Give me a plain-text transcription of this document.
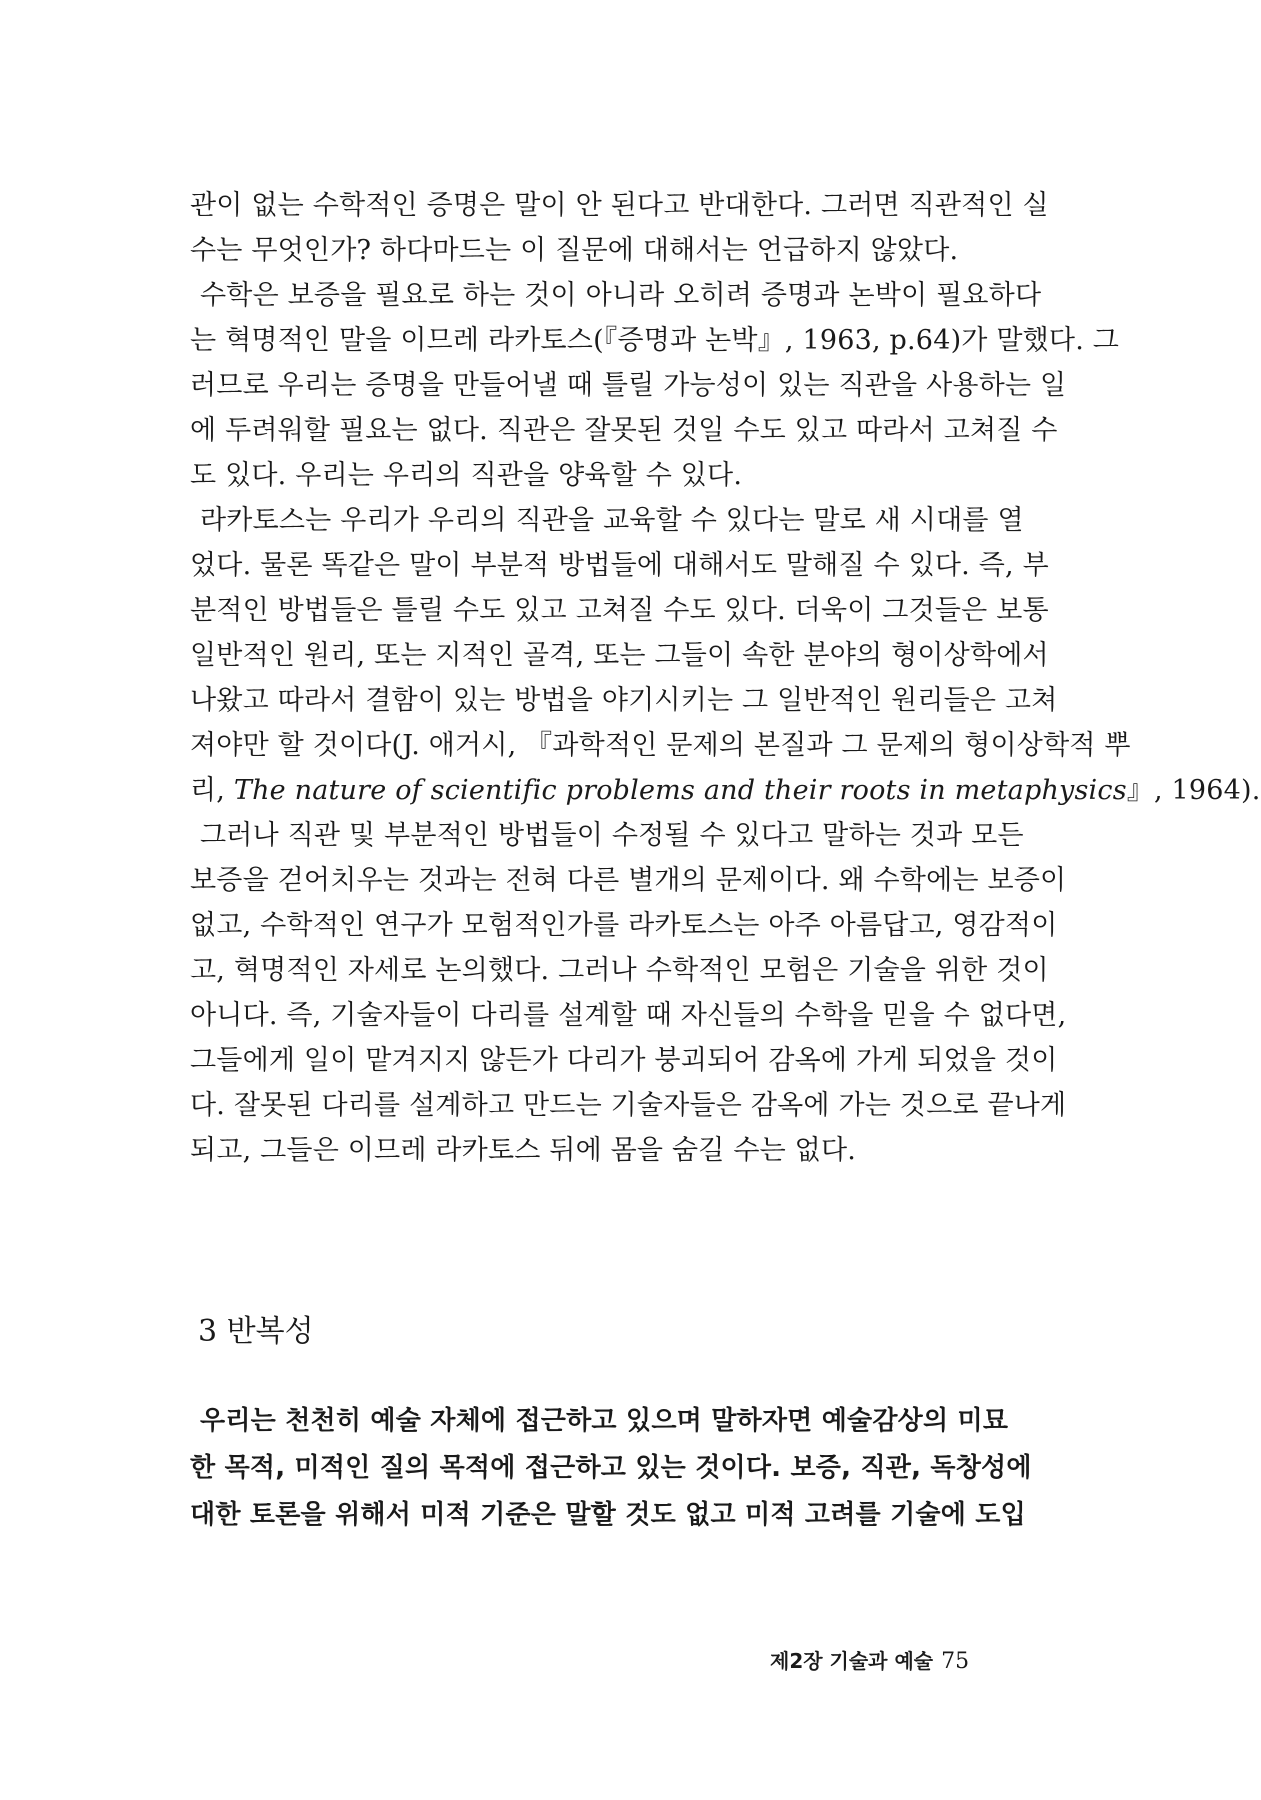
관이 없는 수학적인 증명은 말이 안 된다고 반대한다. 그러면 직관적인 실
수는 무엇인가? 하다마드는 이 질문에 대해서는 언급하지 않았다.
수학은 보증을 필요로 하는 것이 아니라 오히려 증명과 논박이 필요하다
는 혁명적인 말을 이므레 라카토스(『증명과 논박』, 1963, p.64)가 말했다. 그
러므로 우리는 증명을 만들어낼 때 틀릴 가능성이 있는 직관을 사용하는 일
에 두려워할 필요는 없다. 직관은 잘못된 것일 수도 있고 따라서 고쳐질 수
도 있다. 우리는 우리의 직관을 양육할 수 있다.
라카토스는 우리가 우리의 직관을 교육할 수 있다는 말로 새 시대를 열
었다. 물론 똑같은 말이 부분적 방법들에 대해서도 말해질 수 있다. 즉, 부
분적인 방법들은 틀릴 수도 있고 고쳐질 수도 있다. 더욱이 그것들은 보통
일반적인 원리, 또는 지적인 골격, 또는 그들이 속한 분야의 형이상학에서
나왔고 따라서 결함이 있는 방법을 야기시키는 그 일반적인 원리들은 고쳐
져야만 할 것이다(J. 애거시, 『과학적인 문제의 본질과 그 문제의 형이상학적 뿌
리, The nature of scientific problems and their roots in metaphysics』, 1964).
그러나 직관 및 부분적인 방법들이 수정될 수 있다고 말하는 것과 모든
보증을 걷어치우는 것과는 전혀 다른 별개의 문제이다. 왜 수학에는 보증이
없고, 수학적인 연구가 모험적인가를 라카토스는 아주 아름답고, 영감적이
고, 혁명적인 자세로 논의했다. 그러나 수학적인 모험은 기술을 위한 것이
아니다. 즉, 기술자들이 다리를 설계할 때 자신들의 수학을 믿을 수 없다면,
그들에게 일이 맡겨지지 않든가 다리가 붕괴되어 감옥에 가게 되었을 것이
다. 잘못된 다리를 설계하고 만드는 기술자들은 감옥에 가는 것으로 끝나게
되고, 그들은 이므레 라카토스 뒤에 몸을 숨길 수는 없다.
3 반복성
우리는 천천히 예술 자체에 접근하고 있으며 말하자면 예술감상의 미묘
한 목적, 미적인 질의 목적에 접근하고 있는 것이다. 보증, 직관, 독창성에
대한 토론을 위해서 미적 기준은 말할 것도 없고 미적 고려를 기술에 도입
제2장 기술과 예술 75
